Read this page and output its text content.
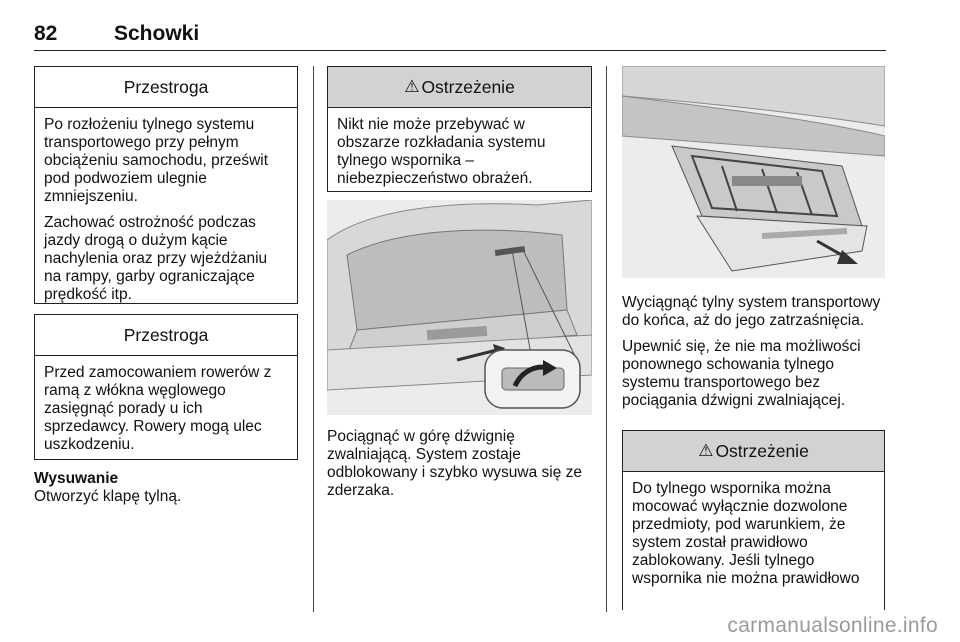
82	Schowki
Przestroga

Po rozłożeniu tylnego systemu transportowego przy pełnym obciążeniu samochodu, prześwit pod podwoziem ulegnie zmniejszeniu.

Zachować ostrożność podczas jazdy drogą o dużym kącie nachylenia oraz przy wjeżdżaniu na rampy, garby ograniczające prędkość itp.

Przestroga

Przed zamocowaniem rowerów z ramą z włókna węglowego zasięgnąć porady u ich sprzedawcy. Rowery mogą ulec uszkodzeniu.

Wysuwanie
Otworzyć klapę tylną.
⚠ Ostrzeżenie

Nikt nie może przebywać w obszarze rozkładania systemu tylnego wspornika – niebezpieczeństwo obrażeń.

Pociągnąć w górę dźwignię zwalniającą. System zostaje odblokowany i szybko wysuwa się ze zderzaka.

Wyciągnąć tylny system transportowy do końca, aż do jego zatrzaśnięcia.

Upewnić się, że nie ma możliwości ponownego schowania tylnego systemu transportowego bez pociągania dźwigni zwalniającej.

⚠ Ostrzeżenie

Do tylnego wspornika można mocować wyłącznie dozwolone przedmioty, pod warunkiem, że system został prawidłowo zablokowany. Jeśli tylnego wspornika nie można prawidłowo

carmanualsonline.info
